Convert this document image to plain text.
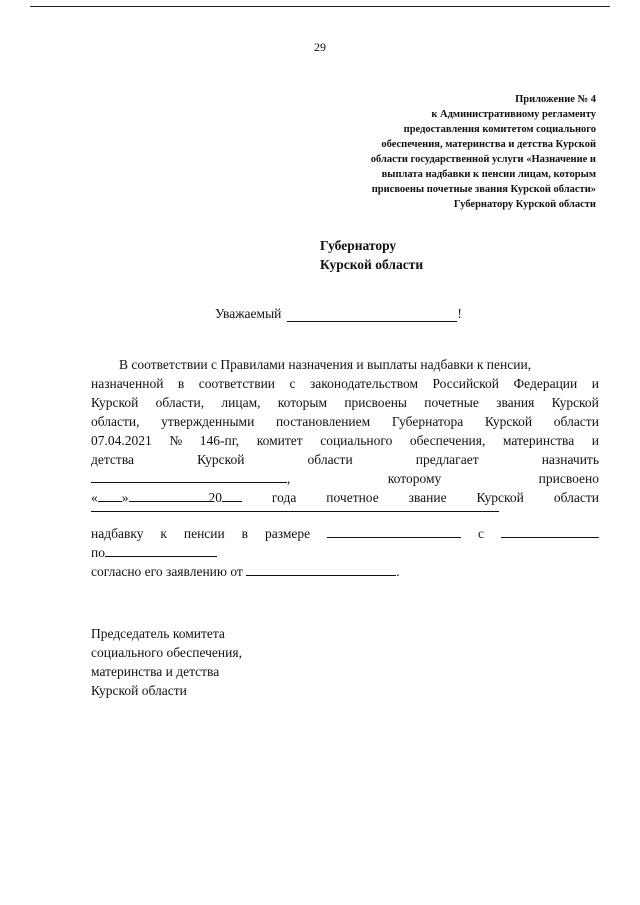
29
Приложение № 4
к Административному регламенту
предоставления комитетом социального
обеспечения, материнства и детства Курской
области государственной услуги «Назначение и
выплата надбавки к пенсии лицам, которым
присвоены почетные звания Курской области»
Губернатору Курской области
Губернатору
Курской области
Уважаемый	!
В соответствии с Правилами назначения и выплаты надбавки к пенсии,
назначенной в соответствии с законодательством Российской Федерации и
Курской области, лицам, которым присвоены почетные звания Курской
области, утвержденными постановлением Губернатора Курской области
07.04.2021 № 146-пг, комитет социального обеспечения, материнства и
детства	Курской	области	предлагает	назначить
,	которому	присвоено
« »	20	года почетное звание Курской области
надбавку к пенсии в размере	с
по
согласно его заявлению от	.
Председатель комитета
социального обеспечения,
материнства и детства
Курской области
